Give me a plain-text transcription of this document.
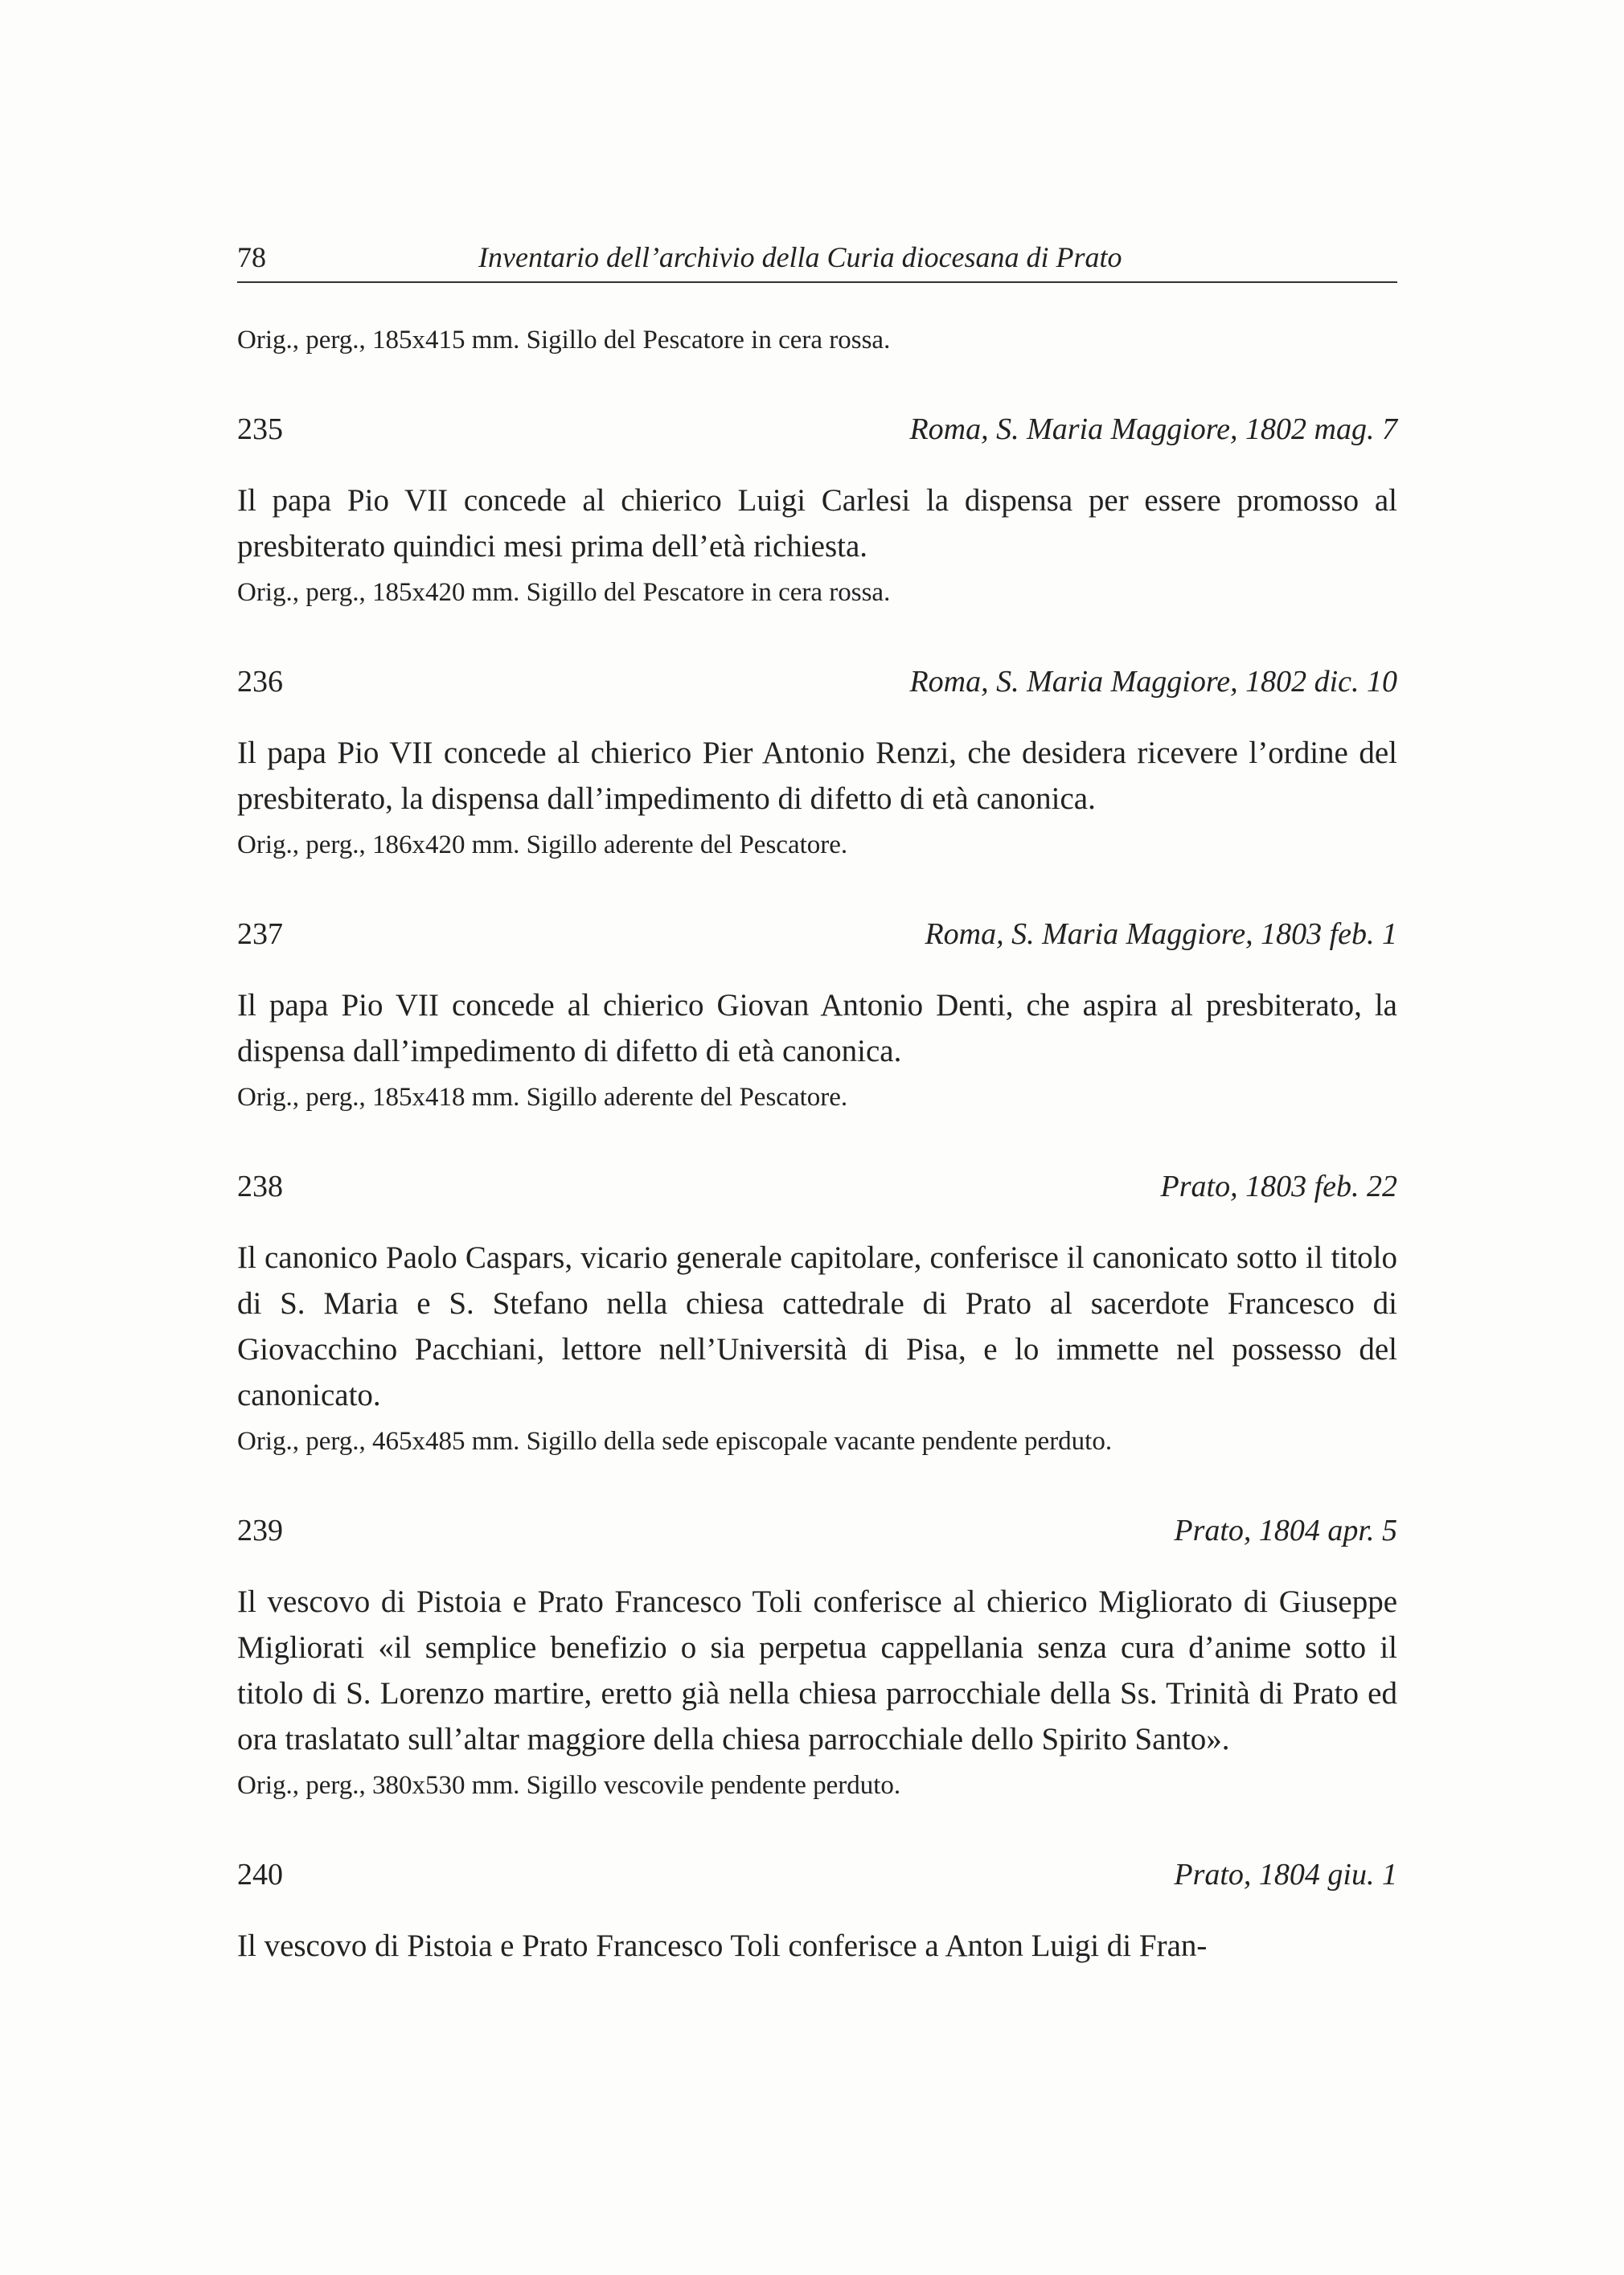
78	Inventario dell’archivio della Curia diocesana di Prato

Orig., perg., 185x415 mm. Sigillo del Pescatore in cera rossa.

235	Roma, S. Maria Maggiore, 1802 mag. 7

Il papa Pio VII concede al chierico Luigi Carlesi la dispensa per essere promosso al presbiterato quindici mesi prima dell’età richiesta.

Orig., perg., 185x420 mm. Sigillo del Pescatore in cera rossa.

236	Roma, S. Maria Maggiore, 1802 dic. 10

Il papa Pio VII concede al chierico Pier Antonio Renzi, che desidera ricevere l’ordine del presbiterato, la dispensa dall’impedimento di difetto di età canonica.

Orig., perg., 186x420 mm. Sigillo aderente del Pescatore.

237	Roma, S. Maria Maggiore, 1803 feb. 1

Il papa Pio VII concede al chierico Giovan Antonio Denti, che aspira al presbiterato, la dispensa dall’impedimento di difetto di età canonica.

Orig., perg., 185x418 mm. Sigillo aderente del Pescatore.

238	Prato, 1803 feb. 22

Il canonico Paolo Caspars, vicario generale capitolare, conferisce il canonicato sotto il titolo di S. Maria e S. Stefano nella chiesa cattedrale di Prato al sacerdote Francesco di Giovacchino Pacchiani, lettore nell’Università di Pisa, e lo immette nel possesso del canonicato.

Orig., perg., 465x485 mm. Sigillo della sede episcopale vacante pendente perduto.

239	Prato, 1804 apr. 5

Il vescovo di Pistoia e Prato Francesco Toli conferisce al chierico Migliorato di Giuseppe Migliorati «il semplice benefizio o sia perpetua cappellania senza cura d’anime sotto il titolo di S. Lorenzo martire, eretto già nella chiesa parrocchiale della Ss. Trinità di Prato ed ora traslatato sull’altar maggiore della chiesa parrocchiale dello Spirito Santo».

Orig., perg., 380x530 mm. Sigillo vescovile pendente perduto.

240	Prato, 1804 giu. 1

Il vescovo di Pistoia e Prato Francesco Toli conferisce a Anton Luigi di Fran-
